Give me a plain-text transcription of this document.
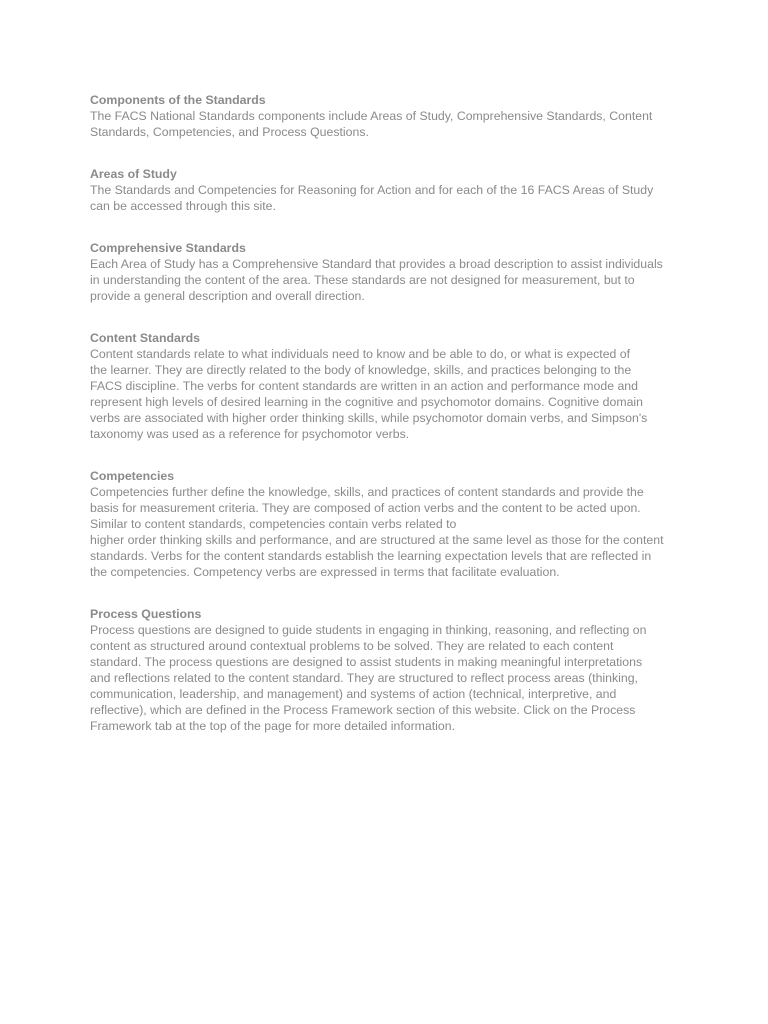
Components of the Standards
The FACS National Standards components include Areas of Study, Comprehensive Standards, Content
Standards, Competencies, and Process Questions.
Areas of Study
The Standards and Competencies for Reasoning for Action and for each of the 16 FACS Areas of Study
can be accessed through this site.
Comprehensive Standards
Each Area of Study has a Comprehensive Standard that provides a broad description to assist individuals
in understanding the content of the area. These standards are not designed for measurement, but to
provide a general description and overall direction.
Content Standards
Content standards relate to what individuals need to know and be able to do, or what is expected of
the learner. They are directly related to the body of knowledge, skills, and practices belonging to the
FACS discipline. The verbs for content standards are written in an action and performance mode and
represent high levels of desired learning in the cognitive and psychomotor domains. Cognitive domain
verbs are associated with higher order thinking skills, while psychomotor domain verbs, and Simpson's
taxonomy was used as a reference for psychomotor verbs.
Competencies
Competencies further define the knowledge, skills, and practices of content standards and provide the
basis for measurement criteria. They are composed of action verbs and the content to be acted upon.
Similar to content standards, competencies contain verbs related to
higher order thinking skills and performance, and are structured at the same level as those for the content
standards. Verbs for the content standards establish the learning expectation levels that are reflected in
the competencies. Competency verbs are expressed in terms that facilitate evaluation.
Process Questions
Process questions are designed to guide students in engaging in thinking, reasoning, and reflecting on
content as structured around contextual problems to be solved. They are related to each content
standard. The process questions are designed to assist students in making meaningful interpretations
and reflections related to the content standard. They are structured to reflect process areas (thinking,
communication, leadership, and management) and systems of action (technical, interpretive, and
reflective), which are defined in the Process Framework section of this website. Click on the Process
Framework tab at the top of the page for more detailed information.
